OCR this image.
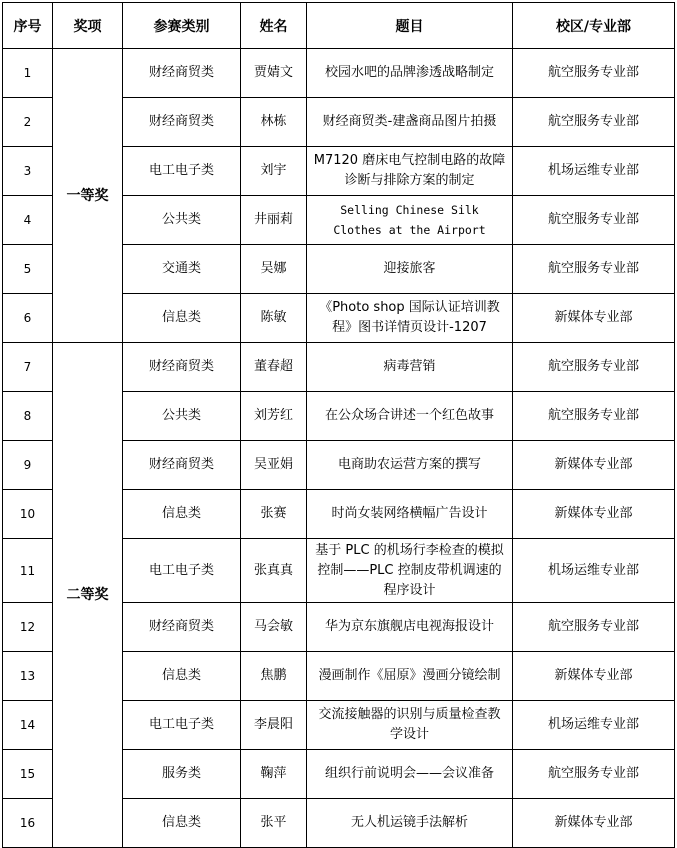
序号	奖项	参赛类别	姓名	题目	校区/专业部
1	一等奖	财经商贸类	贾婧文	校园水吧的品牌渗透战略制定	航空服务专业部
2		财经商贸类	林栋	财经商贸类-建盏商品图片拍摄	航空服务专业部
3		电工电子类	刘宇	M7120 磨床电气控制电路的故障诊断与排除方案的制定	机场运维专业部
4		公共类	井丽莉	Selling Chinese Silk Clothes at the Airport	航空服务专业部
5		交通类	吴娜	迎接旅客	航空服务专业部
6		信息类	陈敏	《Photo shop 国际认证培训教程》图书详情页设计-1207	新媒体专业部
7	二等奖	财经商贸类	董春超	病毒营销	航空服务专业部
8		公共类	刘芳红	在公众场合讲述一个红色故事	航空服务专业部
9		财经商贸类	吴亚娟	电商助农运营方案的撰写	新媒体专业部
10		信息类	张赛	时尚女装网络横幅广告设计	新媒体专业部
11		电工电子类	张真真	基于 PLC 的机场行李检查的模拟控制——PLC 控制皮带机调速的程序设计	机场运维专业部
12		财经商贸类	马会敏	华为京东旗舰店电视海报设计	航空服务专业部
13		信息类	焦鹏	漫画制作《屈原》漫画分镜绘制	新媒体专业部
14		电工电子类	李晨阳	交流接触器的识别与质量检查教学设计	机场运维专业部
15		服务类	鞠萍	组织行前说明会——会议准备	航空服务专业部
16		信息类	张平	无人机运镜手法解析	新媒体专业部
